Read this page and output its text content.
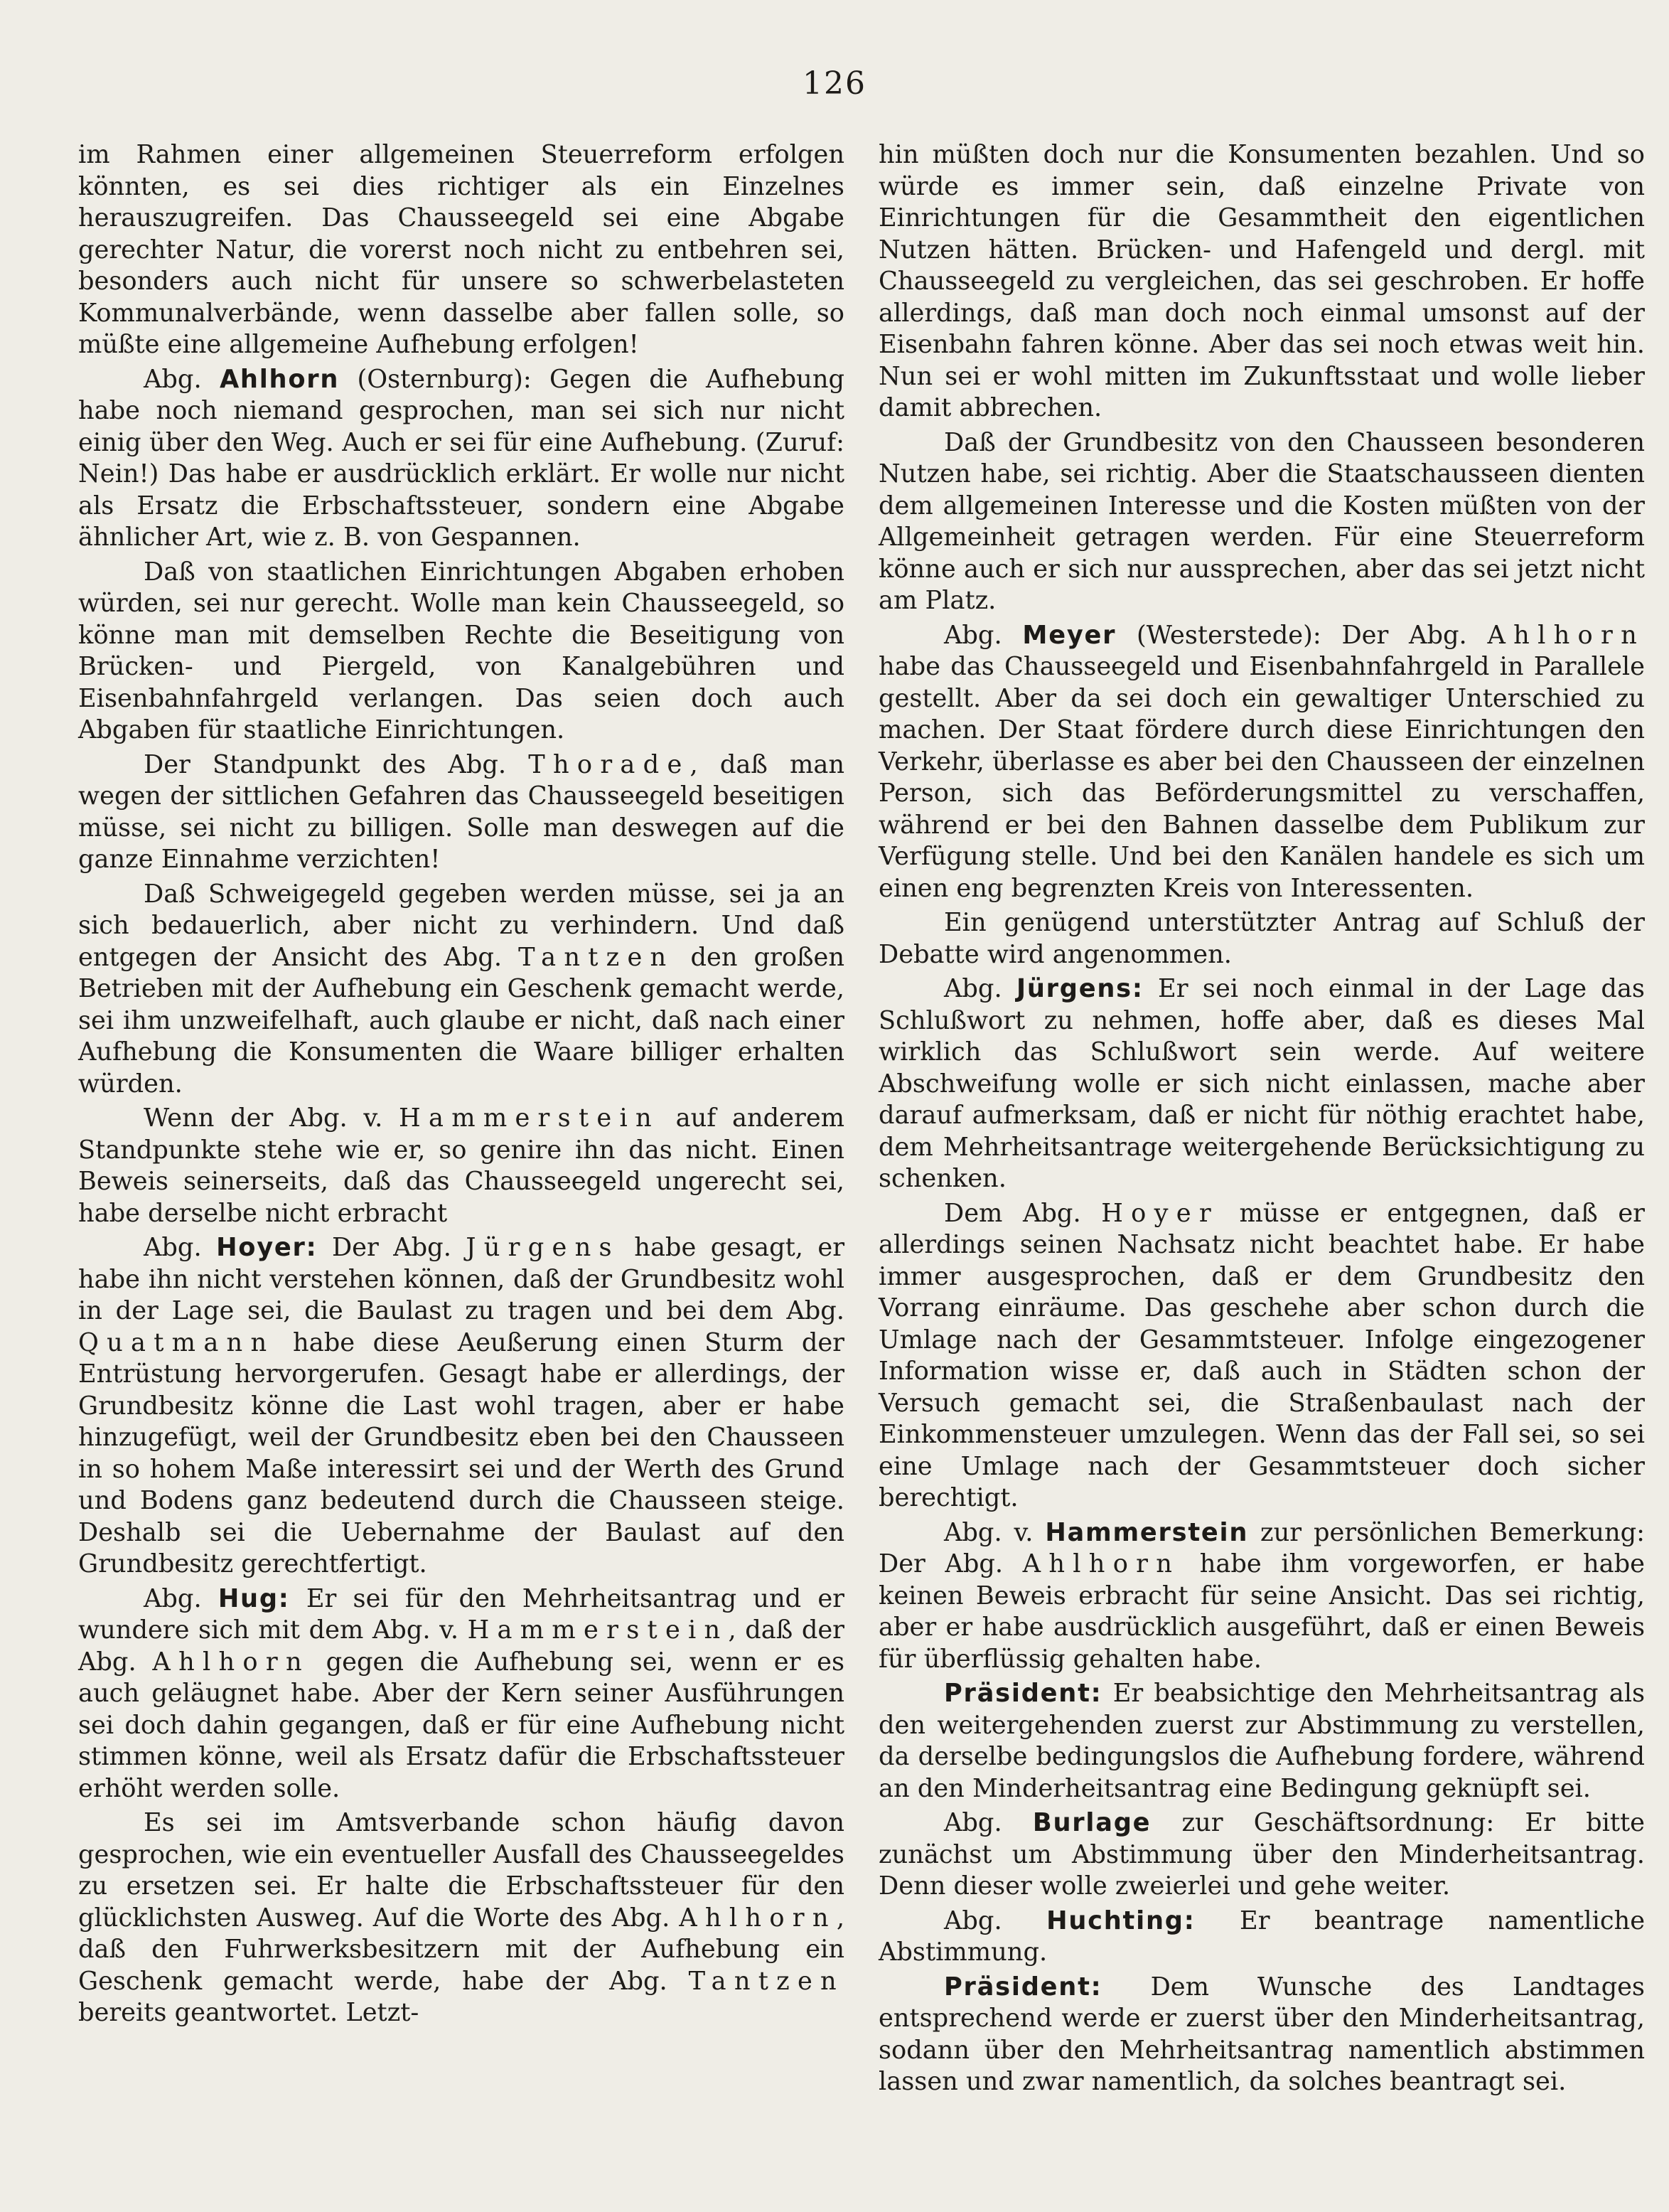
126

im Rahmen einer allgemeinen Steuerreform erfolgen könnten, es sei dies richtiger als ein Einzelnes herauszugreifen. Das Chausseegeld sei eine Abgabe gerechter Natur, die vorerst noch nicht zu entbehren sei, besonders auch nicht für unsere so schwerbelasteten Kommunalverbände, wenn dasselbe aber fallen solle, so müßte eine allgemeine Aufhebung erfolgen!

Abg. Ahlhorn (Osternburg): Gegen die Aufhebung habe noch niemand gesprochen, man sei sich nur nicht einig über den Weg. Auch er sei für eine Aufhebung. (Zuruf: Nein!) Das habe er ausdrücklich erklärt. Er wolle nur nicht als Ersatz die Erbschaftssteuer, sondern eine Abgabe ähnlicher Art, wie z. B. von Gespannen.

Daß von staatlichen Einrichtungen Abgaben erhoben würden, sei nur gerecht. Wolle man kein Chausseegeld, so könne man mit demselben Rechte die Beseitigung von Brücken- und Piergeld, von Kanalgebühren und Eisenbahnfahrgeld verlangen. Das seien doch auch Abgaben für staatliche Einrichtungen.

Der Standpunkt des Abg. Thorade, daß man wegen der sittlichen Gefahren das Chausseegeld beseitigen müsse, sei nicht zu billigen. Solle man deswegen auf die ganze Einnahme verzichten!

Daß Schweigegeld gegeben werden müsse, sei ja an sich bedauerlich, aber nicht zu verhindern. Und daß entgegen der Ansicht des Abg. Tantzen den großen Betrieben mit der Aufhebung ein Geschenk gemacht werde, sei ihm unzweifelhaft, auch glaube er nicht, daß nach einer Aufhebung die Konsumenten die Waare billiger erhalten würden.

Wenn der Abg. v. Hammerstein auf anderem Standpunkte stehe wie er, so genire ihn das nicht. Einen Beweis seinerseits, daß das Chausseegeld ungerecht sei, habe derselbe nicht erbracht

Abg. Hoyer: Der Abg. Jürgens habe gesagt, er habe ihn nicht verstehen können, daß der Grundbesitz wohl in der Lage sei, die Baulast zu tragen und bei dem Abg. Quatmann habe diese Aeußerung einen Sturm der Entrüstung hervorgerufen. Gesagt habe er allerdings, der Grundbesitz könne die Last wohl tragen, aber er habe hinzugefügt, weil der Grundbesitz eben bei den Chausseen in so hohem Maße interessirt sei und der Werth des Grund und Bodens ganz bedeutend durch die Chausseen steige. Deshalb sei die Uebernahme der Baulast auf den Grundbesitz gerechtfertigt.

Abg. Hug: Er sei für den Mehrheitsantrag und er wundere sich mit dem Abg. v. Hammerstein, daß der Abg. Ahlhorn gegen die Aufhebung sei, wenn er es auch geläugnet habe. Aber der Kern seiner Ausführungen sei doch dahin gegangen, daß er für eine Aufhebung nicht stimmen könne, weil als Ersatz dafür die Erbschaftssteuer erhöht werden solle.

Es sei im Amtsverbande schon häufig davon gesprochen, wie ein eventueller Ausfall des Chausseegeldes zu ersetzen sei. Er halte die Erbschaftssteuer für den glücklichsten Ausweg. Auf die Worte des Abg. Ahlhorn, daß den Fuhrwerksbesitzern mit der Aufhebung ein Geschenk gemacht werde, habe der Abg. Tantzen bereits geantwortet. Letzt-

hin müßten doch nur die Konsumenten bezahlen. Und so würde es immer sein, daß einzelne Private von Einrichtungen für die Gesammtheit den eigentlichen Nutzen hätten. Brücken- und Hafengeld und dergl. mit Chausseegeld zu vergleichen, das sei geschroben. Er hoffe allerdings, daß man doch noch einmal umsonst auf der Eisenbahn fahren könne. Aber das sei noch etwas weit hin. Nun sei er wohl mitten im Zukunftsstaat und wolle lieber damit abbrechen.

Daß der Grundbesitz von den Chausseen besonderen Nutzen habe, sei richtig. Aber die Staatschausseen dienten dem allgemeinen Interesse und die Kosten müßten von der Allgemeinheit getragen werden. Für eine Steuerreform könne auch er sich nur aussprechen, aber das sei jetzt nicht am Platz.

Abg. Meyer (Westerstede): Der Abg. Ahlhorn habe das Chausseegeld und Eisenbahnfahrgeld in Parallele gestellt. Aber da sei doch ein gewaltiger Unterschied zu machen. Der Staat fördere durch diese Einrichtungen den Verkehr, überlasse es aber bei den Chausseen der einzelnen Person, sich das Beförderungsmittel zu verschaffen, während er bei den Bahnen dasselbe dem Publikum zur Verfügung stelle. Und bei den Kanälen handele es sich um einen eng begrenzten Kreis von Interessenten.

Ein genügend unterstützter Antrag auf Schluß der Debatte wird angenommen.

Abg. Jürgens: Er sei noch einmal in der Lage das Schlußwort zu nehmen, hoffe aber, daß es dieses Mal wirklich das Schlußwort sein werde. Auf weitere Abschweifung wolle er sich nicht einlassen, mache aber darauf aufmerksam, daß er nicht für nöthig erachtet habe, dem Mehrheitsantrage weitergehende Berücksichtigung zu schenken.

Dem Abg. Hoyer müsse er entgegnen, daß er allerdings seinen Nachsatz nicht beachtet habe. Er habe immer ausgesprochen, daß er dem Grundbesitz den Vorrang einräume. Das geschehe aber schon durch die Umlage nach der Gesammtsteuer. Infolge eingezogener Information wisse er, daß auch in Städten schon der Versuch gemacht sei, die Straßenbaulast nach der Einkommensteuer umzulegen. Wenn das der Fall sei, so sei eine Umlage nach der Gesammtsteuer doch sicher berechtigt.

Abg. v. Hammerstein zur persönlichen Bemerkung: Der Abg. Ahlhorn habe ihm vorgeworfen, er habe keinen Beweis erbracht für seine Ansicht. Das sei richtig, aber er habe ausdrücklich ausgeführt, daß er einen Beweis für überflüssig gehalten habe.

Präsident: Er beabsichtige den Mehrheitsantrag als den weitergehenden zuerst zur Abstimmung zu verstellen, da derselbe bedingungslos die Aufhebung fordere, während an den Minderheitsantrag eine Bedingung geknüpft sei.

Abg. Burlage zur Geschäftsordnung: Er bitte zunächst um Abstimmung über den Minderheitsantrag. Denn dieser wolle zweierlei und gehe weiter.

Abg. Huchting: Er beantrage namentliche Abstimmung.

Präsident: Dem Wunsche des Landtages entsprechend werde er zuerst über den Minderheitsantrag, sodann über den Mehrheitsantrag namentlich abstimmen lassen und zwar namentlich, da solches beantragt sei.
